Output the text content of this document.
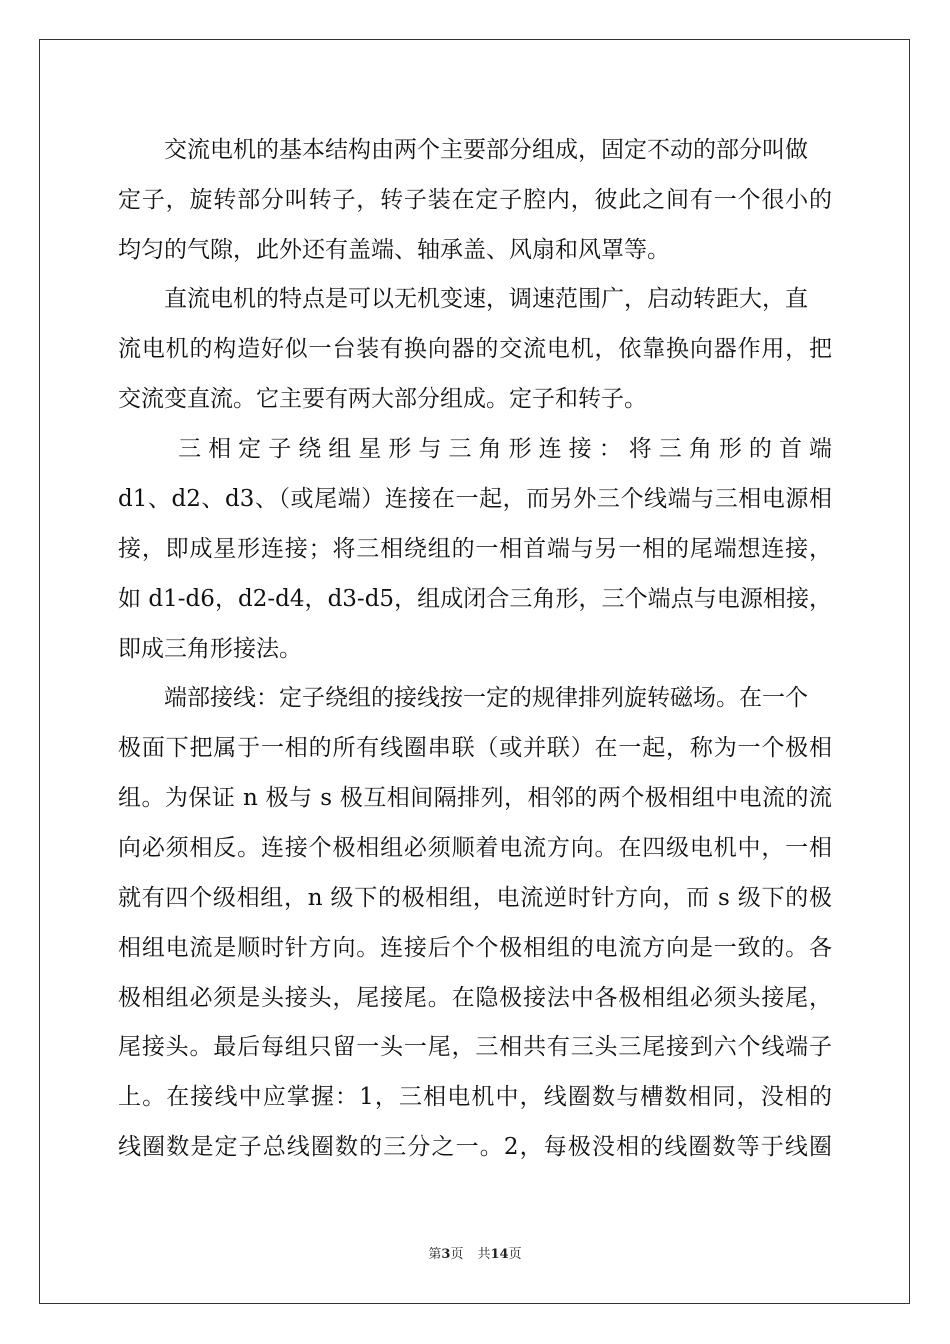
　　交流电机的基本结构由两个主要部分组成，固定不动的部分叫做
定子，旋转部分叫转子，转子装在定子腔内，彼此之间有一个很小的
均匀的气隙，此外还有盖端、轴承盖、风扇和风罩等。
　　直流电机的特点是可以无机变速，调速范围广，启动转距大，直
流电机的构造好似一台装有换向器的交流电机，依靠换向器作用，把
交流变直流。它主要有两大部分组成。定子和转子。
　　三相定子绕组星形与三角形连接：将三角形的首端
d1、d2、d3、（或尾端）连接在一起，而另外三个线端与三相电源相
接，即成星形连接；将三相绕组的一相首端与另一相的尾端想连接，
如 d1-d6，d2-d4，d3-d5，组成闭合三角形，三个端点与电源相接，
即成三角形接法。
　　端部接线：定子绕组的接线按一定的规律排列旋转磁场。在一个
极面下把属于一相的所有线圈串联（或并联）在一起，称为一个极相
组。为保证 n 极与 s 极互相间隔排列，相邻的两个极相组中电流的流
向必须相反。连接个极相组必须顺着电流方向。在四级电机中，一相
就有四个级相组，n 级下的极相组，电流逆时针方向，而 s 级下的极
相组电流是顺时针方向。连接后个个极相组的电流方向是一致的。各
极相组必须是头接头，尾接尾。在隐极接法中各极相组必须头接尾，
尾接头。最后每组只留一头一尾，三相共有三头三尾接到六个线端子
上。在接线中应掌握：1，三相电机中，线圈数与槽数相同，没相的
线圈数是定子总线圈数的三分之一。2，每极没相的线圈数等于线圈
第3页 共14页
